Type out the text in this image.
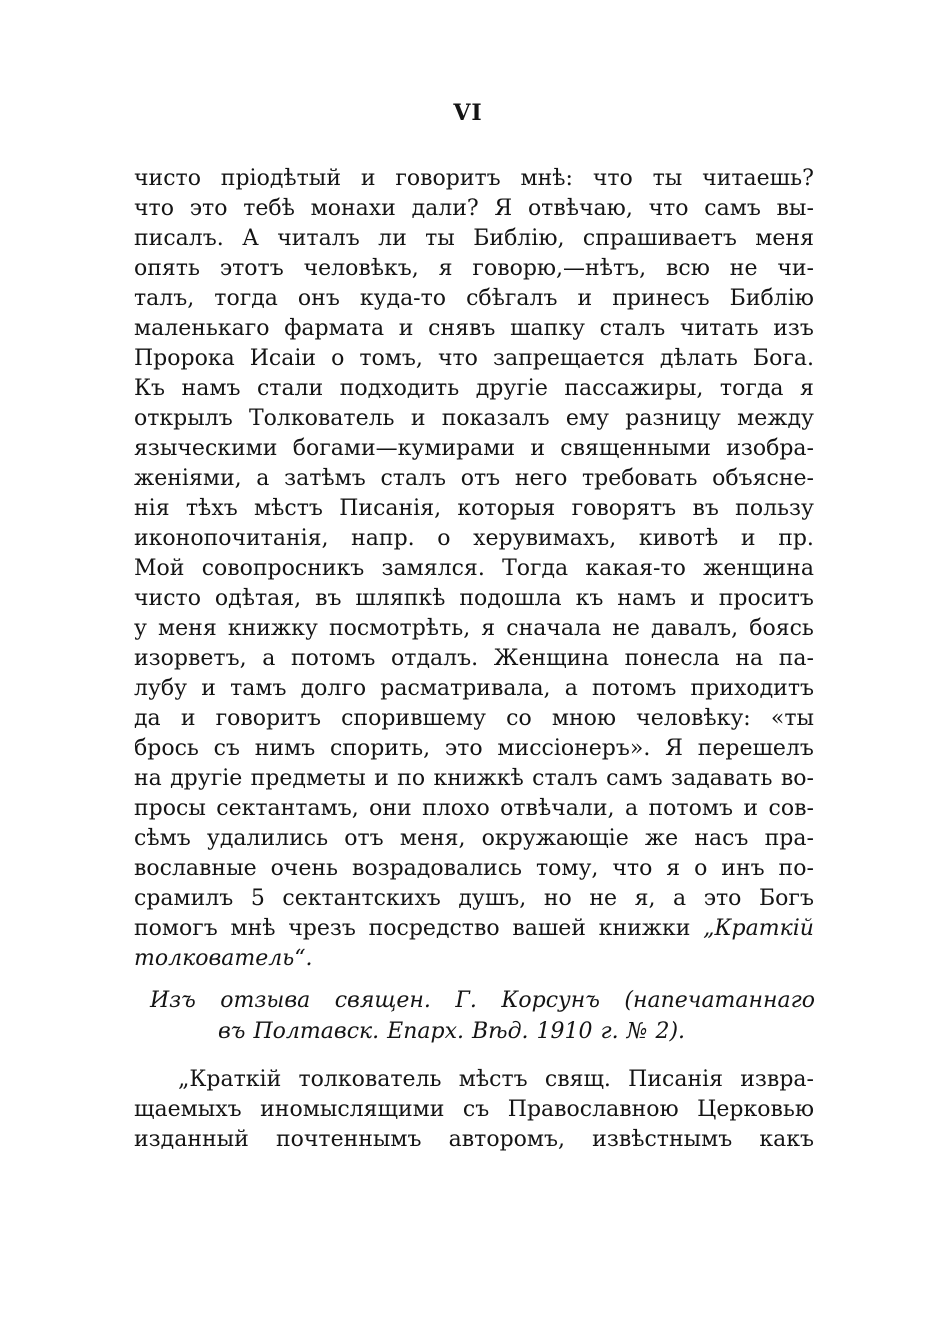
VI
чисто пріодѣтый и говоритъ мнѣ: что ты читаешь?
что это тебѣ монахи дали? Я отвѣчаю, что самъ вы-
писалъ. А читалъ ли ты Библію, спрашиваетъ меня
опять этотъ человѣкъ, я говорю,—нѣтъ, всю не чи-
талъ, тогда онъ куда-то сбѣгалъ и принесъ Библію
маленькаго фармата и снявъ шапку сталъ читать изъ
Пророка Исаіи о томъ, что запрещается дѣлать Бога.
Къ намъ стали подходить другіе пассажиры, тогда я
открылъ Толкователь и показалъ ему разницу между
языческими богами—кумирами и священными изобра-
женіями, а затѣмъ сталъ отъ него требовать объясне-
нія тѣхъ мѣстъ Писанія, которыя говорятъ въ пользу
иконопочитанія, напр. о херувимахъ, кивотѣ и пр.
Мой совопросникъ замялся. Тогда какая-то женщина
чисто одѣтая, въ шляпкѣ подошла къ намъ и проситъ
у меня книжку посмотрѣть, я сначала не давалъ, боясь
изорветъ, а потомъ отдалъ. Женщина понесла на па-
лубу и тамъ долго расматривала, а потомъ приходитъ
да и говоритъ спорившему со мною человѣку: «ты
брось съ нимъ спорить, это миссіонеръ». Я перешелъ
на другіе предметы и по книжкѣ сталъ самъ задавать во-
просы сектантамъ, они плохо отвѣчали, а потомъ и сов-
сѣмъ удалились отъ меня, окружающіе же насъ пра-
вославные очень возрадовались тому, что я о инъ по-
срамилъ 5 сектантскихъ душъ, но не я, а это Богъ
помогъ мнѣ чрезъ посредство вашей книжки „Краткій
толкователь“.
Изъ отзыва священ. Г. Корсунъ (напечатаннаго
въ Полтавск. Епарх. Вѣд. 1910 г. № 2).
„Краткій толкователь мѣстъ свящ. Писанія извра-
щаемыхъ иномыслящими съ Православною Церковью
изданный почтеннымъ авторомъ, извѣстнымъ какъ
